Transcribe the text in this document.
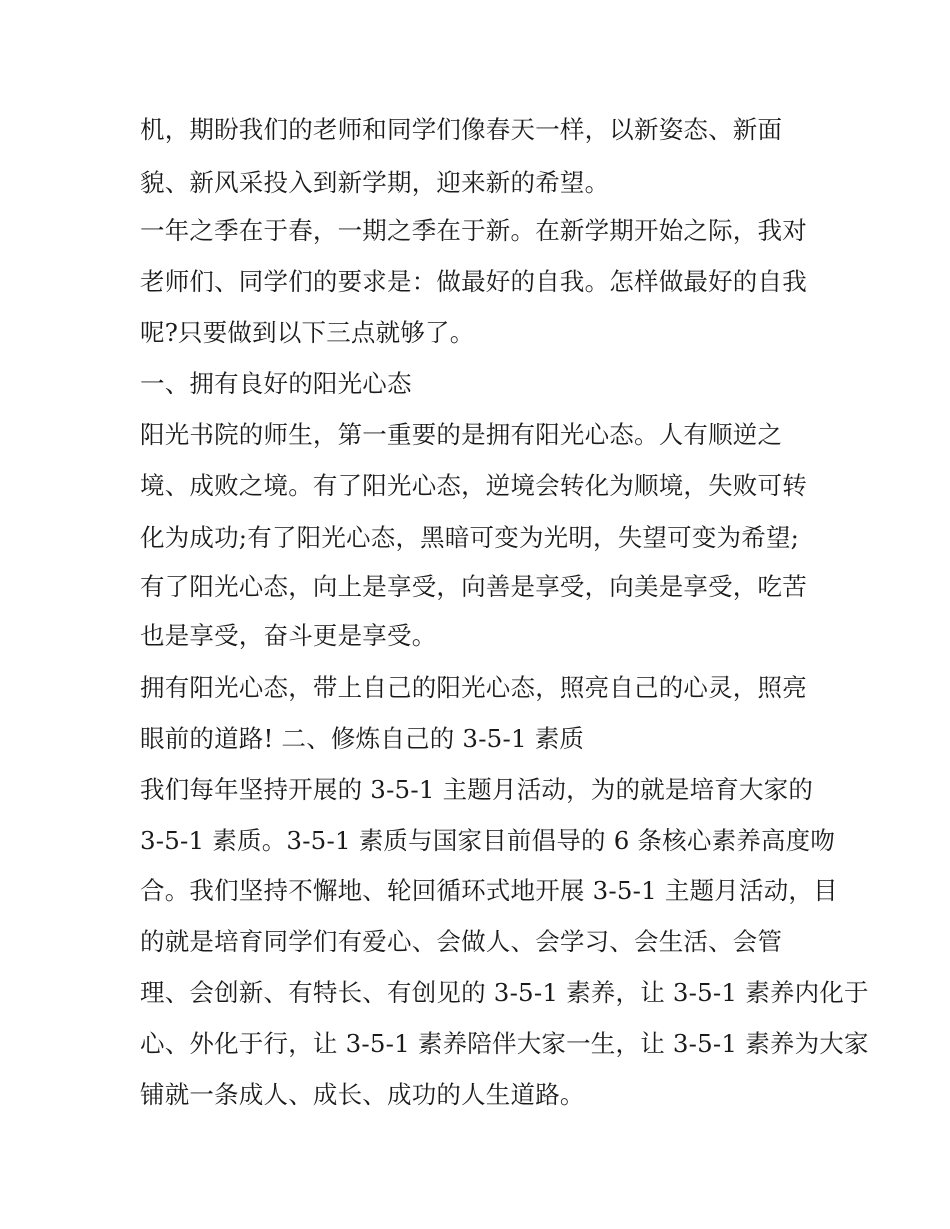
机，期盼我们的老师和同学们像春天一样，以新姿态、新面
貌、新风采投入到新学期，迎来新的希望。
一年之季在于春，一期之季在于新。在新学期开始之际，我对
老师们、同学们的要求是：做最好的自我。怎样做最好的自我
呢?只要做到以下三点就够了。
一、拥有良好的阳光心态
阳光书院的师生，第一重要的是拥有阳光心态。人有顺逆之
境、成败之境。有了阳光心态，逆境会转化为顺境，失败可转
化为成功;有了阳光心态，黑暗可变为光明，失望可变为希望;
有了阳光心态，向上是享受，向善是享受，向美是享受，吃苦
也是享受，奋斗更是享受。
拥有阳光心态，带上自己的阳光心态，照亮自己的心灵，照亮
眼前的道路! 二、修炼自己的 3-5-1 素质
我们每年坚持开展的 3-5-1 主题月活动，为的就是培育大家的
3-5-1 素质。3-5-1 素质与国家目前倡导的 6 条核心素养高度吻
合。我们坚持不懈地、轮回循环式地开展 3-5-1 主题月活动，目
的就是培育同学们有爱心、会做人、会学习、会生活、会管
理、会创新、有特长、有创见的 3-5-1 素养，让 3-5-1 素养内化于
心、外化于行，让 3-5-1 素养陪伴大家一生，让 3-5-1 素养为大家
铺就一条成人、成长、成功的人生道路。
